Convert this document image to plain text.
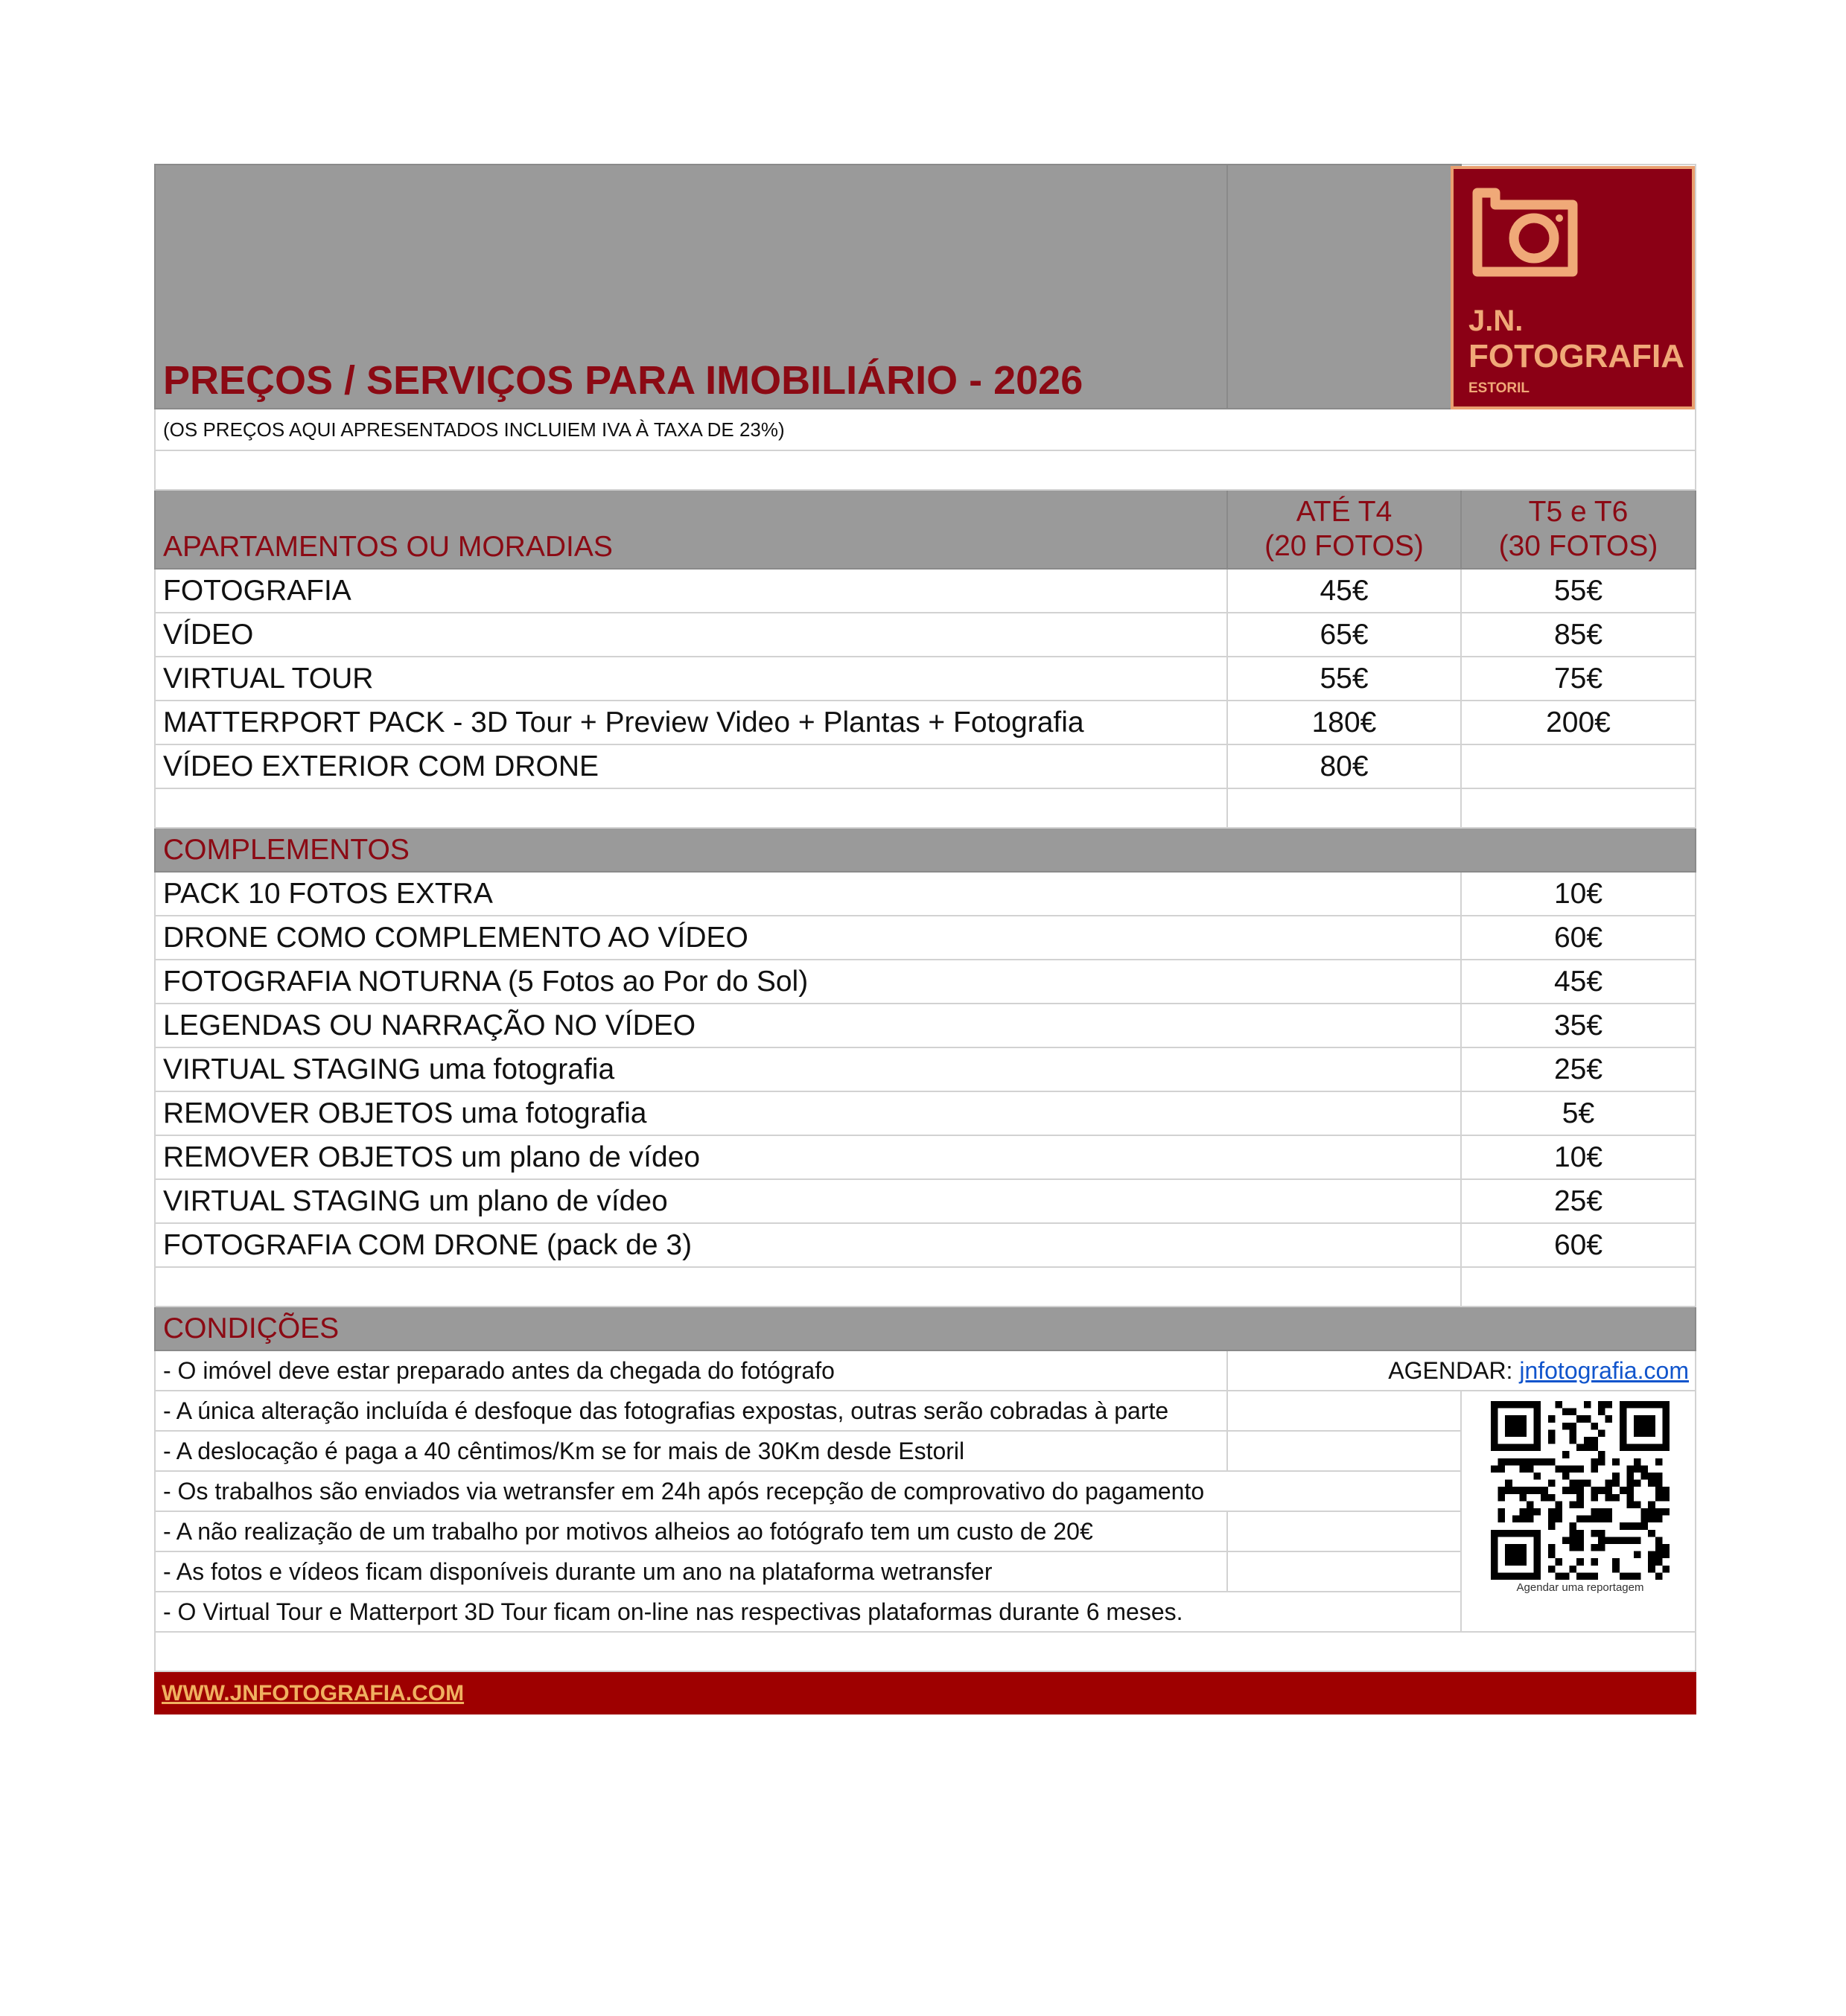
PREÇOS / SERVIÇOS PARA IMOBILIÁRIO - 2026
J.N.
FOTOGRAFIA
ESTORIL
(OS PREÇOS AQUI APRESENTADOS INCLUIEM IVA À TAXA DE 23%)
APARTAMENTOS OU MORADIAS
ATÉ T4
(20 FOTOS)
T5 e T6
(30 FOTOS)
FOTOGRAFIA	45€	55€
VÍDEO	65€	85€
VIRTUAL TOUR	55€	75€
MATTERPORT PACK - 3D Tour + Preview Video + Plantas + Fotografia	180€	200€
VÍDEO EXTERIOR COM DRONE	80€
COMPLEMENTOS
PACK 10 FOTOS EXTRA	10€
DRONE COMO COMPLEMENTO AO VÍDEO	60€
FOTOGRAFIA NOTURNA (5 Fotos ao Por do Sol)	45€
LEGENDAS OU NARRAÇÃO NO VÍDEO	35€
VIRTUAL STAGING uma fotografia	25€
REMOVER OBJETOS uma fotografia	5€
REMOVER OBJETOS um plano de vídeo	10€
VIRTUAL STAGING um plano de vídeo	25€
FOTOGRAFIA COM DRONE (pack de 3)	60€
CONDIÇÕES
- O imóvel deve estar preparado antes da chegada do fotógrafo	AGENDAR:
jnfotografia.com
- A única alteração incluída é desfoque das fotografias expostas, outras serão cobradas à parte
- A deslocação é paga a 40 cêntimos/Km se for mais de 30Km desde Estoril
- Os trabalhos são enviados via wetransfer em 24h após recepção de comprovativo do pagamento
- A não realização de um trabalho por motivos alheios ao fotógrafo tem um custo de 20€
- As fotos e vídeos ficam disponíveis durante um ano na plataforma wetransfer
- O Virtual Tour e Matterport 3D Tour ficam on-line nas respectivas plataformas durante 6 meses.
Agendar uma reportagem
WWW.JNFOTOGRAFIA.COM
